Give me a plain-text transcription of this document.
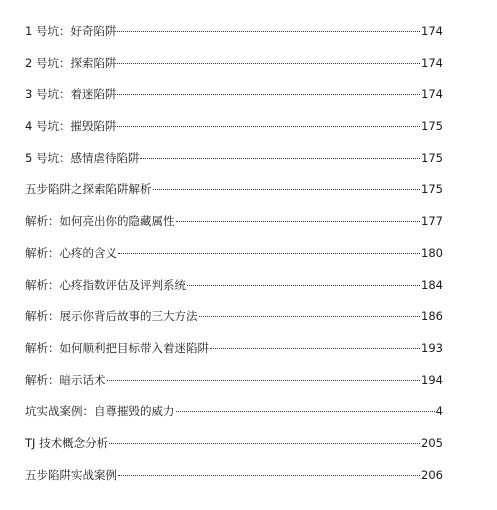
1 号坑：好奇陷阱	174
2 号坑：探索陷阱	174
3 号坑：着迷陷阱	174
4 号坑：摧毁陷阱	175
5 号坑：感情虐待陷阱	175
五步陷阱之探索陷阱解析	175
解析：如何亮出你的隐藏属性	177
解析：心疼的含义	180
解析：心疼指数评估及评判系统	184
解析：展示你背后故事的三大方法	186
解析：如何顺利把目标带入着迷陷阱	193
解析：暗示话术	194
坑实战案例：自尊摧毁的威力	4
TJ 技术概念分析	205
五步陷阱实战案例	206
